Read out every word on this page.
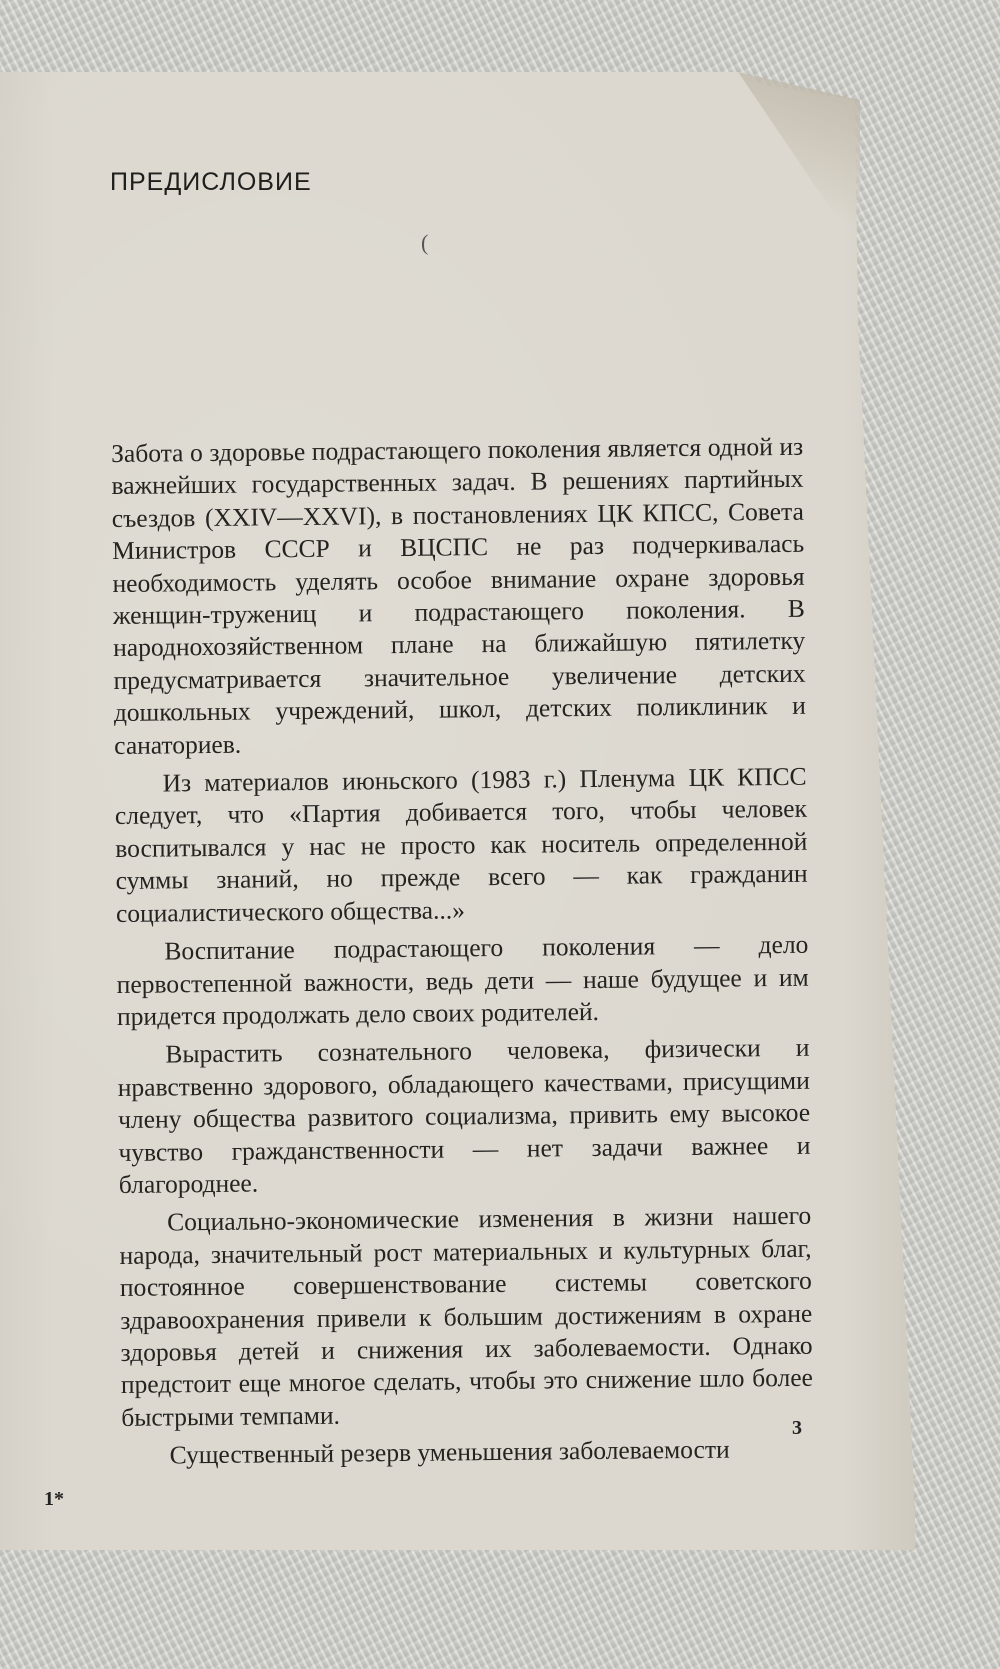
ПРЕДИСЛОВИЕ
(

Забота о здоровье подрастающего поколения является одной из важнейших государственных задач. В решениях партийных съездов (XXIV—XXVI), в постановлениях ЦК КПСС, Совета Министров СССР и ВЦСПС не раз подчеркивалась необходимость уделять особое внимание охране здоровья женщин-тружениц и подрастающего поколения. В народнохозяйственном плане на ближайшую пятилетку предусматривается значительное увеличение детских дошкольных учреждений, школ, детских поликлиник и санаториев.

Из материалов июньского (1983 г.) Пленума ЦК КПСС следует, что «Партия добивается того, чтобы человек воспитывался у нас не просто как носитель определенной суммы знаний, но прежде всего — как гражданин социалистического общества...»

Воспитание подрастающего поколения — дело первостепенной важности, ведь дети — наше будущее и им придется продолжать дело своих родителей.

Вырастить сознательного человека, физически и нравственно здорового, обладающего качествами, присущими члену общества развитого социализма, привить ему высокое чувство гражданственности — нет задачи важнее и благороднее.

Социально-экономические изменения в жизни нашего народа, значительный рост материальных и культурных благ, постоянное совершенствование системы советского здравоохранения привели к большим достижениям в охране здоровья детей и снижения их заболеваемости. Однако предстоит еще многое сделать, чтобы это снижение шло более быстрыми темпами.

Существенный резерв уменьшения заболеваемости

3
1*
